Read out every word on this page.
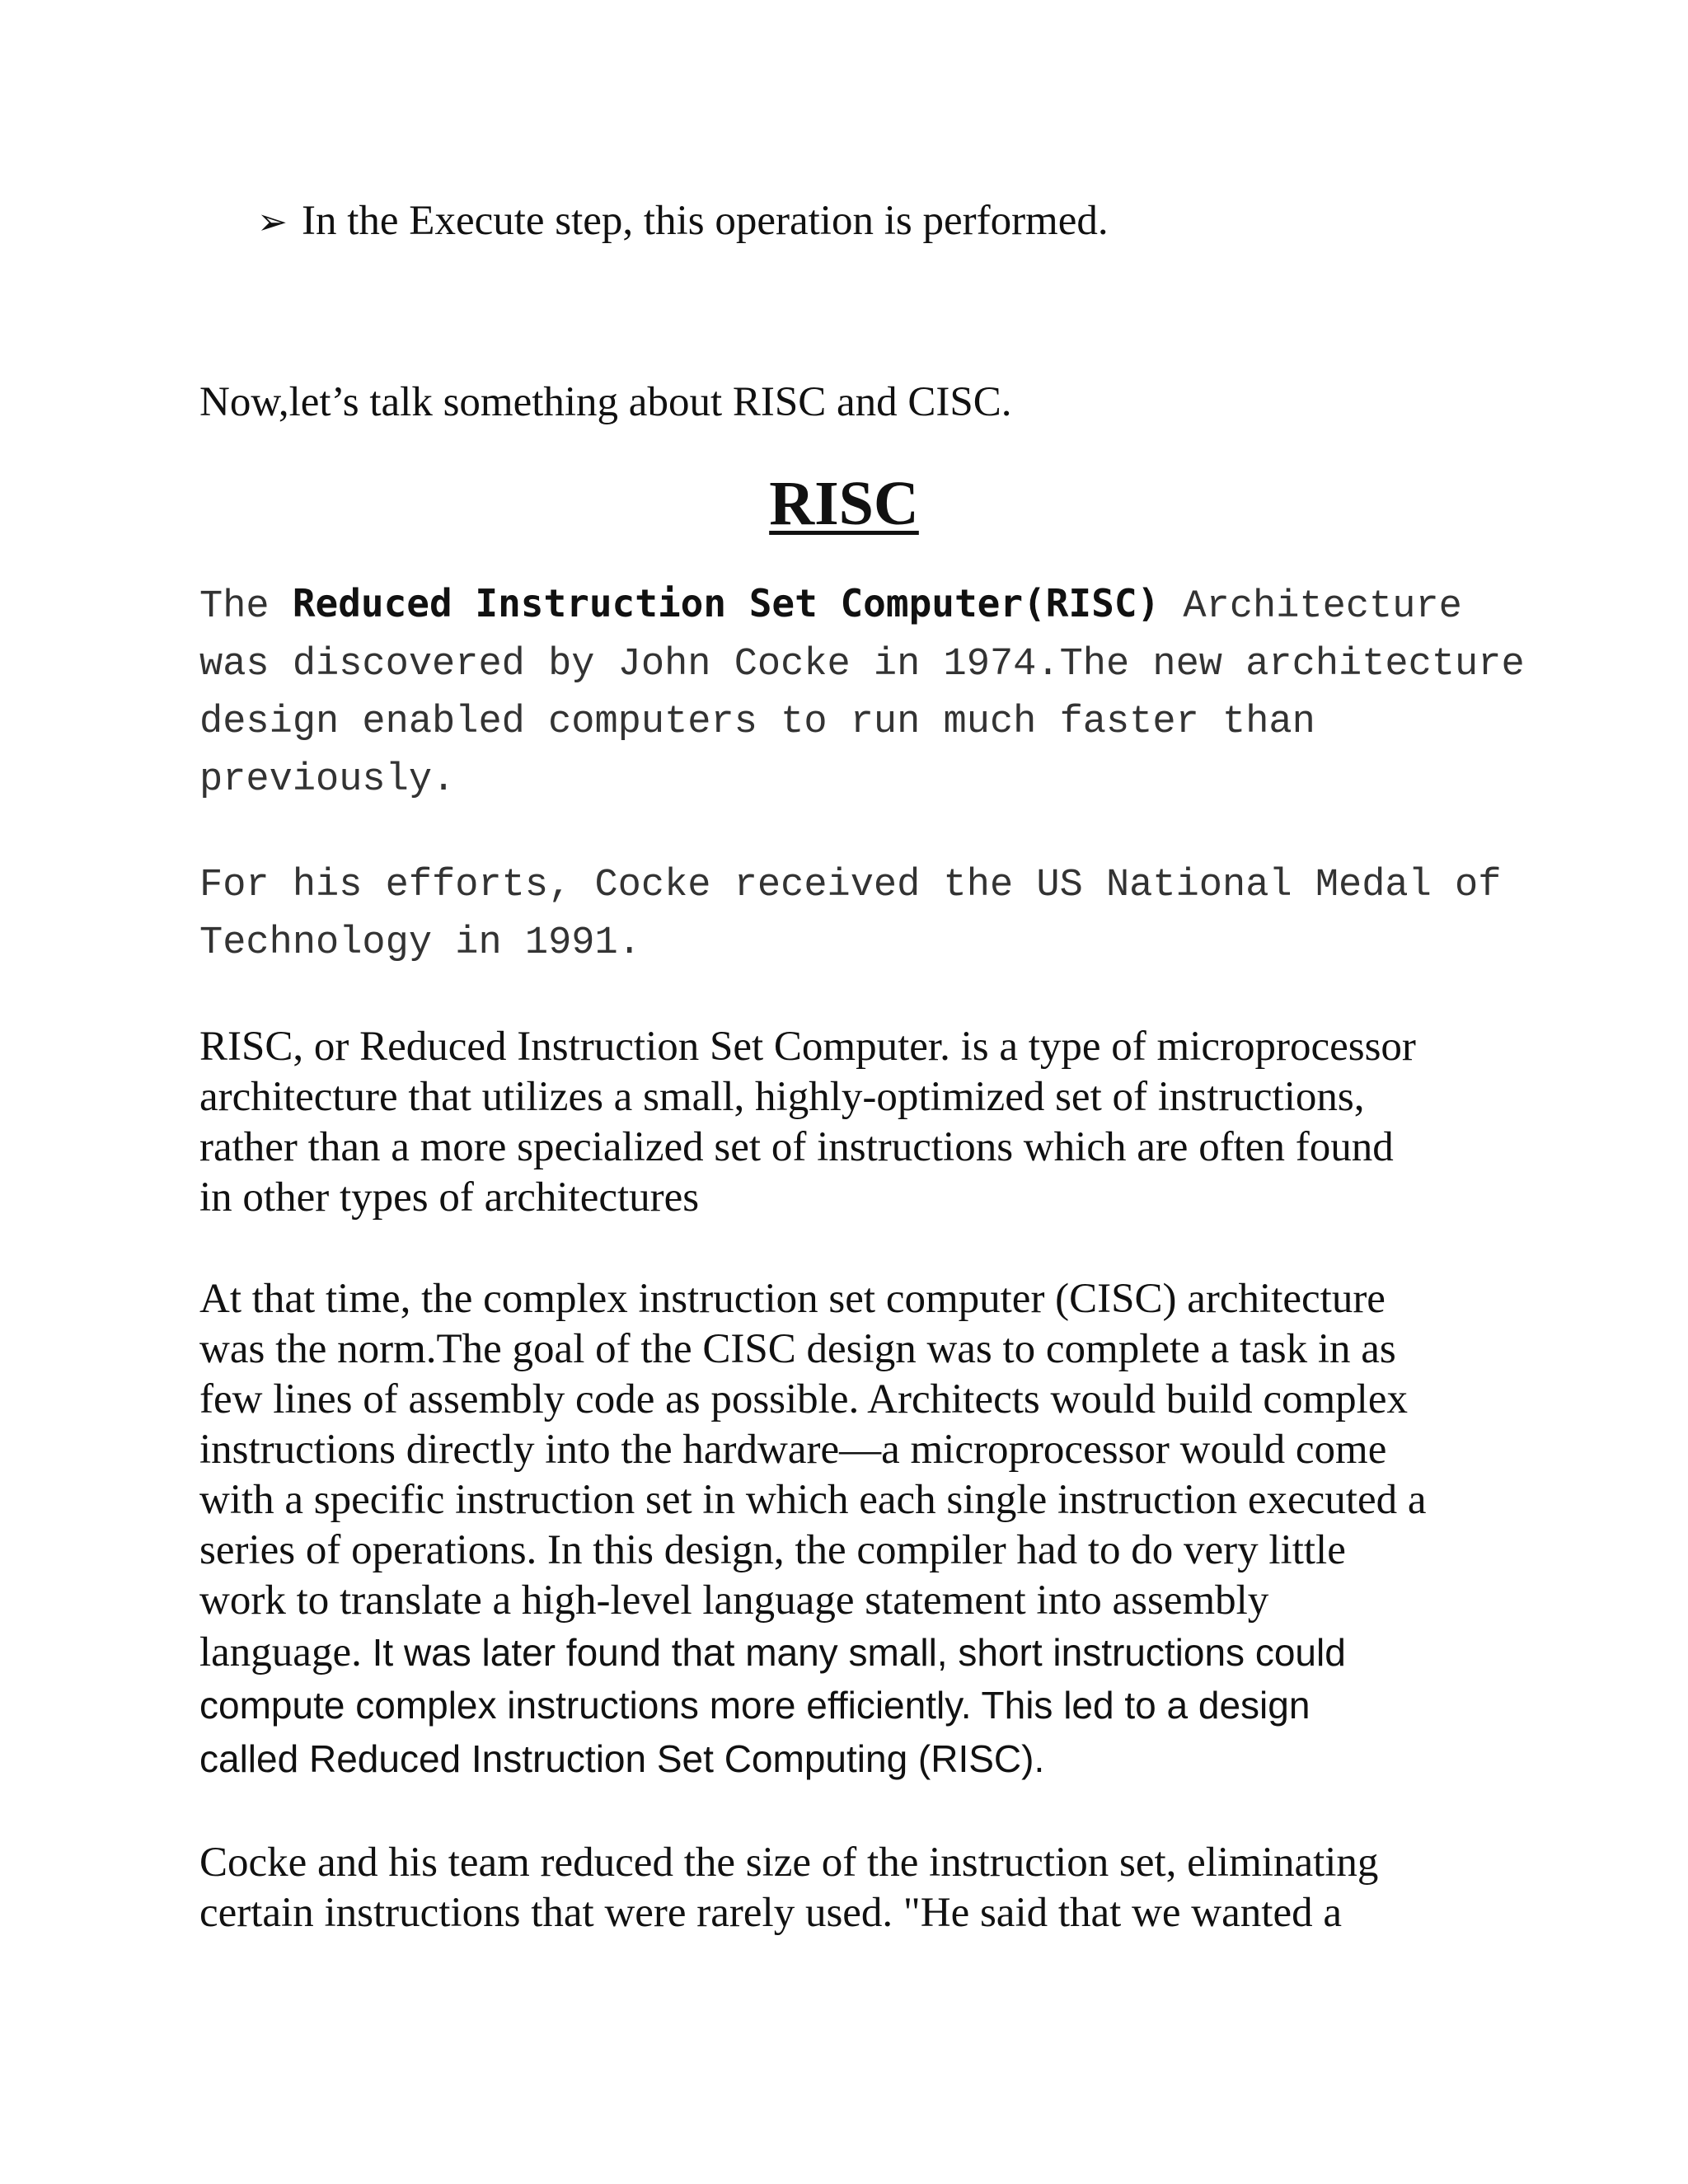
➢ In the Execute step, this operation is performed.
Now,let’s talk something about RISC and CISC.
RISC
The Reduced Instruction Set Computer(RISC) Architecture
was discovered by John Cocke in 1974.The new architecture
design enabled computers to run much faster than
previously.
For his efforts, Cocke received the US National Medal of
Technology in 1991.
RISC, or Reduced Instruction Set Computer. is a type of microprocessor
architecture that utilizes a small, highly-optimized set of instructions,
rather than a more specialized set of instructions which are often found
in other types of architectures
At that time, the complex instruction set computer (CISC) architecture
was the norm.The goal of the CISC design was to complete a task in as
few lines of assembly code as possible. Architects would build complex
instructions directly into the hardware—a microprocessor would come
with a specific instruction set in which each single instruction executed a
series of operations. In this design, the compiler had to do very little
work to translate a high-level language statement into assembly
language. It was later found that many small, short instructions could
compute complex instructions more efficiently. This led to a design
called Reduced Instruction Set Computing (RISC).
Cocke and his team reduced the size of the instruction set, eliminating
certain instructions that were rarely used. "He said that we wanted a
